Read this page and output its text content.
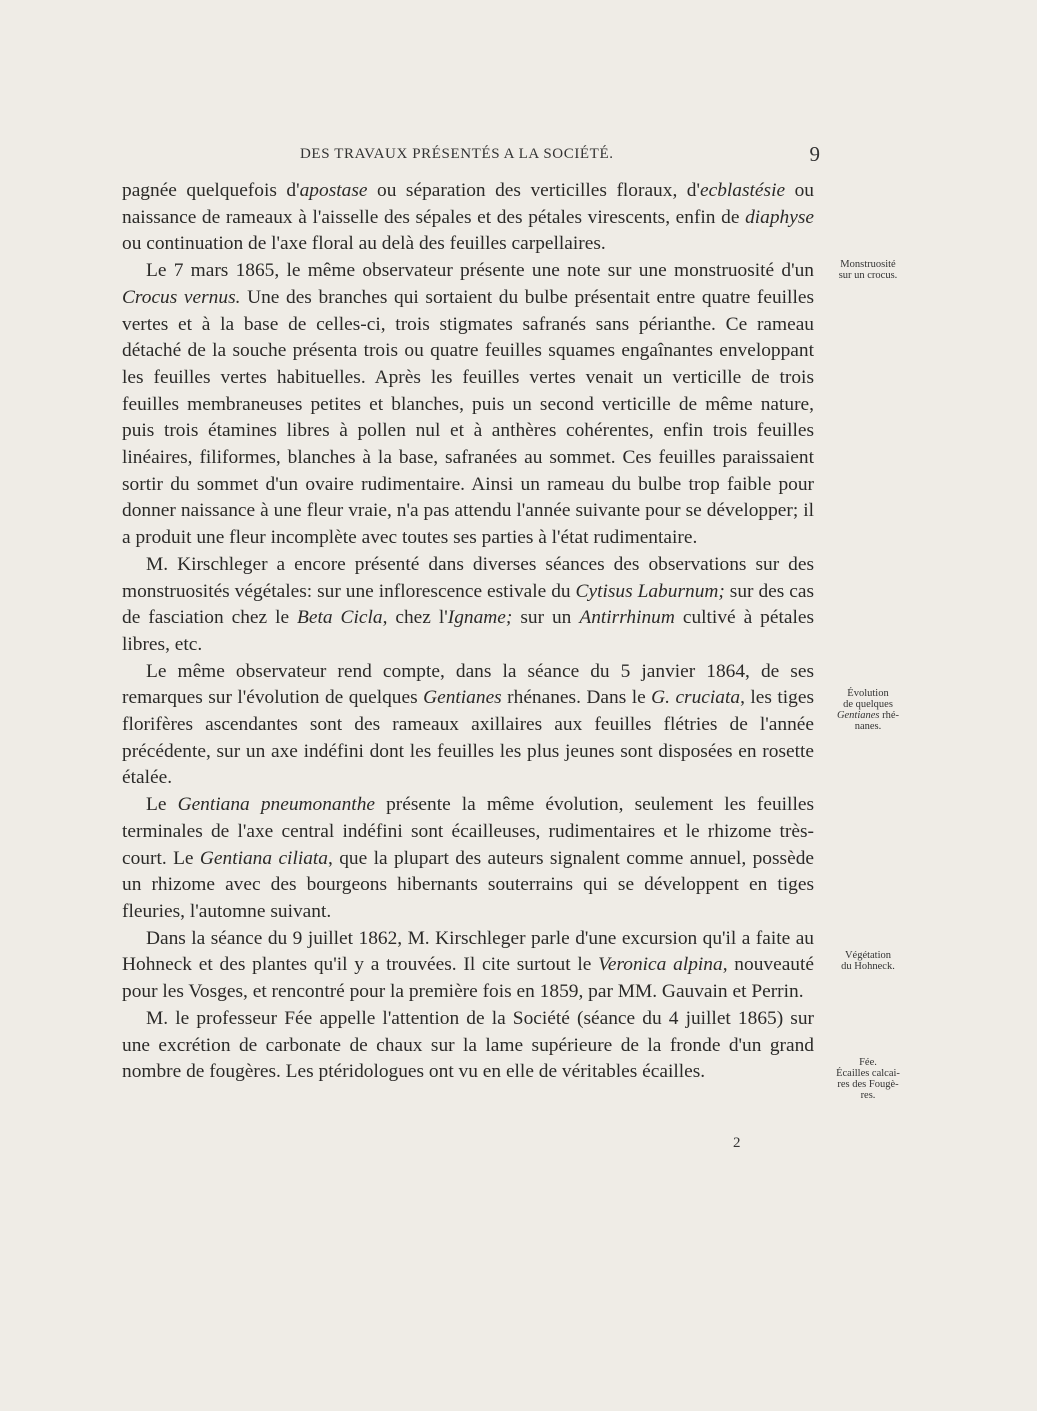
DES TRAVAUX PRÉSENTÉS A LA SOCIÉTÉ.	9

pagnée quelquefois d'apostase ou séparation des verticilles floraux, d'ecblastésie ou naissance de rameaux à l'aisselle des sépales et des pétales virescents, enfin de diaphyse ou continuation de l'axe floral au delà des feuilles carpellaires.

Le 7 mars 1865, le même observateur présente une note sur une monstruosité d'un Crocus vernus. Une des branches qui sortaient du bulbe présentait entre quatre feuilles vertes et à la base de celles-ci, trois stigmates safranés sans périanthe. Ce rameau détaché de la souche présenta trois ou quatre feuilles squames engaînantes enveloppant les feuilles vertes habituelles. Après les feuilles vertes venait un verticille de trois feuilles membraneuses petites et blanches, puis un second verticille de même nature, puis trois étamines libres à pollen nul et à anthères cohérentes, enfin trois feuilles linéaires, filiformes, blanches à la base, safranées au sommet. Ces feuilles paraissaient sortir du sommet d'un ovaire rudimentaire. Ainsi un rameau du bulbe trop faible pour donner naissance à une fleur vraie, n'a pas attendu l'année suivante pour se développer; il a produit une fleur incomplète avec toutes ses parties à l'état rudimentaire.

M. Kirschleger a encore présenté dans diverses séances des observations sur des monstruosités végétales: sur une inflorescence estivale du Cytisus Laburnum; sur des cas de fasciation chez le Beta Cicla, chez l'Igname; sur un Antirrhinum cultivé à pétales libres, etc.

Le même observateur rend compte, dans la séance du 5 janvier 1864, de ses remarques sur l'évolution de quelques Gentianes rhénanes. Dans le G. cruciata, les tiges florifères ascendantes sont des rameaux axillaires aux feuilles flétries de l'année précédente, sur un axe indéfini dont les feuilles les plus jeunes sont disposées en rosette étalée.

Le Gentiana pneumonanthe présente la même évolution, seulement les feuilles terminales de l'axe central indéfini sont écailleuses, rudimentaires et le rhizome très-court. Le Gentiana ciliata, que la plupart des auteurs signalent comme annuel, possède un rhizome avec des bourgeons hibernants souterrains qui se développent en tiges fleuries, l'automne suivant.

Dans la séance du 9 juillet 1862, M. Kirschleger parle d'une excursion qu'il a faite au Hohneck et des plantes qu'il y a trouvées. Il cite surtout le Veronica alpina, nouveauté pour les Vosges, et rencontré pour la première fois en 1859, par MM. Gauvain et Perrin.

M. le professeur Fée appelle l'attention de la Société (séance du 4 juillet 1865) sur une excrétion de carbonate de chaux sur la lame supérieure de la fronde d'un grand nombre de fougères. Les ptéridologues ont vu en elle de véritables écailles.

Monstruosité
sur un crocus.
Évolution
de quelques
Gentianes rhé-
nanes.
Végétation
du Hohneck.
Fée.
Écailles calcai-
res des Fougè-
res.
2
